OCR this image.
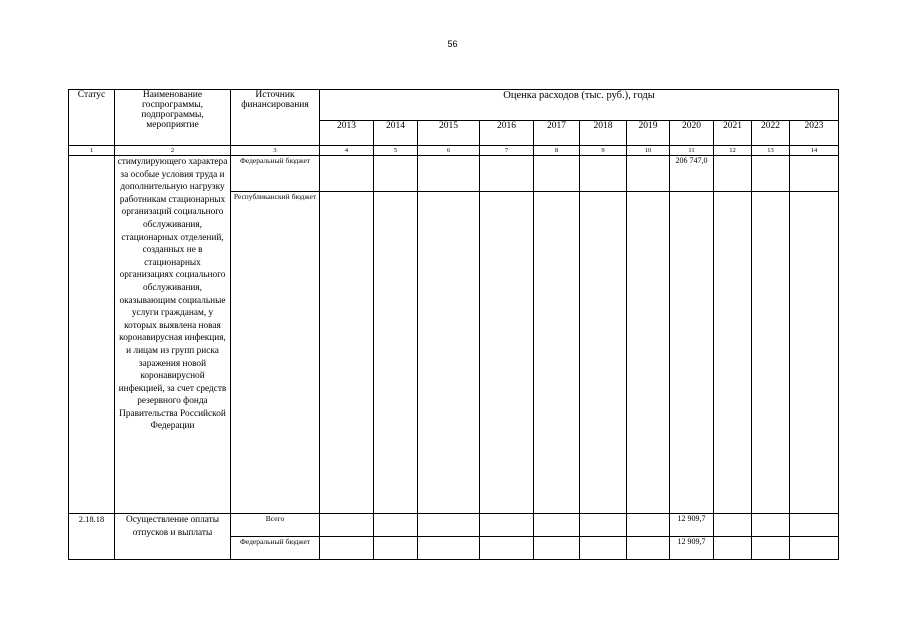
56
Статус	Наименование госпрограммы, подпрограммы, мероприятие	Источник финансирования	Оценка расходов (тыс. руб.), годы										
			2013	2014	2015	2016	2017	2018	2019	2020	2021	2022	2023
1	2	3	4	5	6	7	8	9	10	11	12	13	14
	стимулирующего характера за особые условия труда и дополнительную нагрузку работникам стационарных организаций социального обслуживания, стационарных отделений, созданных не в стационарных организациях социального обслуживания, оказывающим социальные услуги гражданам, у которых выявлена новая коронавирусная инфекция, и лицам из групп риска заражения новой коронавирусной инфекцией, за счет средств резервного фонда Правительства Российской Федерации	Федеральный бюджет								206 747,0			
		Республиканский бюджет											
2.18.18	Осуществление оплаты отпусков и выплаты	Всего								12 909,7			
		Федеральный бюджет								12 909,7			
